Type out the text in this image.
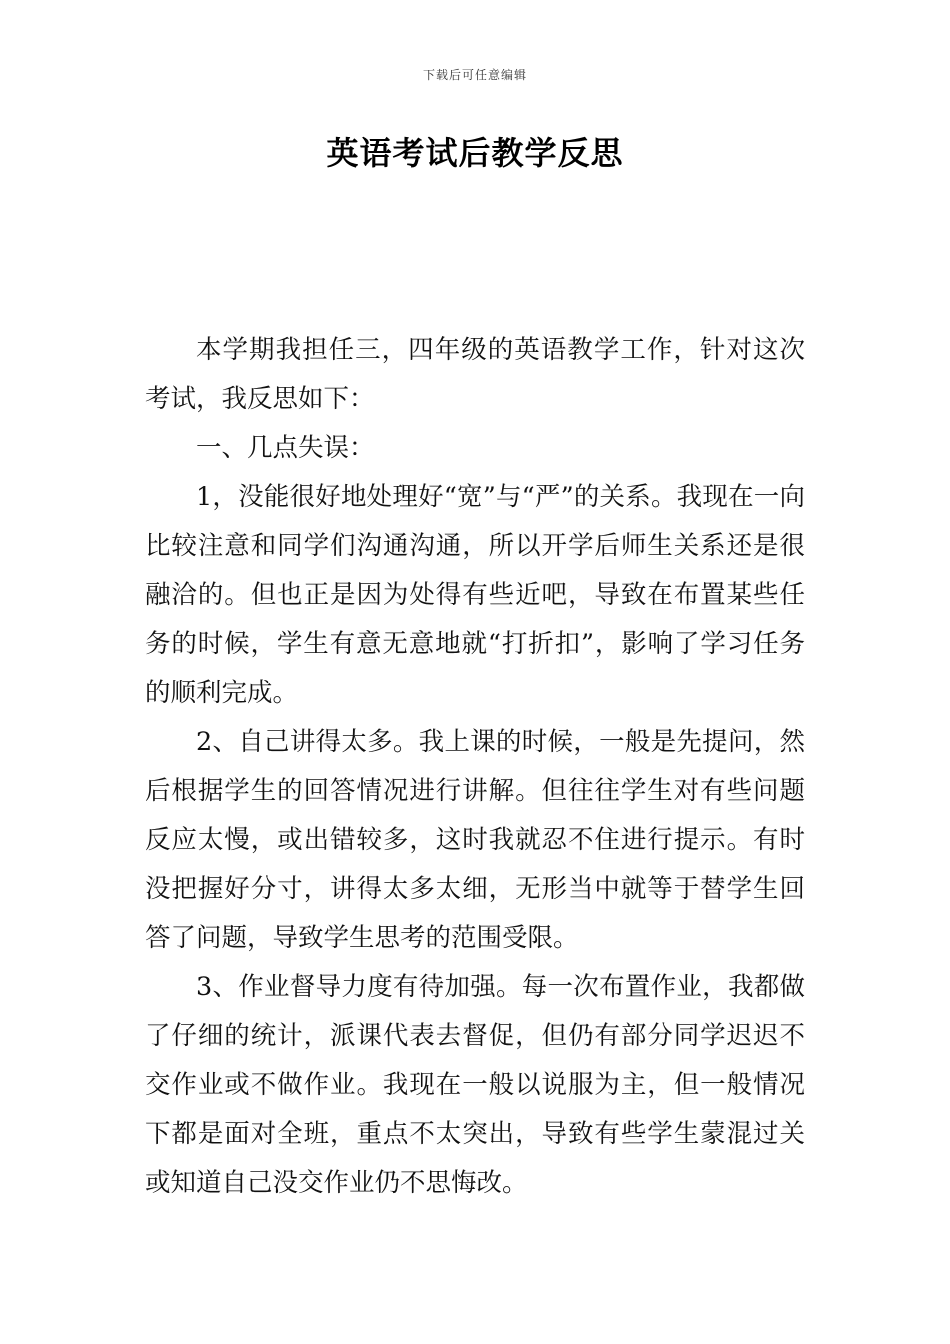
下载后可任意编辑
英语考试后教学反思

本学期我担任三，四年级的英语教学工作，针对这次考试，我反思如下：

一、几点失误：

1，没能很好地处理好“宽”与“严”的关系。我现在一向比较注意和同学们沟通沟通，所以开学后师生关系还是很融洽的。但也正是因为处得有些近吧，导致在布置某些任务的时候，学生有意无意地就“打折扣”，影响了学习任务的顺利完成。

2、自己讲得太多。我上课的时候，一般是先提问，然后根据学生的回答情况进行讲解。但往往学生对有些问题反应太慢，或出错较多，这时我就忍不住进行提示。有时没把握好分寸，讲得太多太细，无形当中就等于替学生回答了问题，导致学生思考的范围受限。

3、作业督导力度有待加强。每一次布置作业，我都做了仔细的统计，派课代表去督促，但仍有部分同学迟迟不交作业或不做作业。我现在一般以说服为主，但一般情况下都是面对全班，重点不太突出，导致有些学生蒙混过关或知道自己没交作业仍不思悔改。
